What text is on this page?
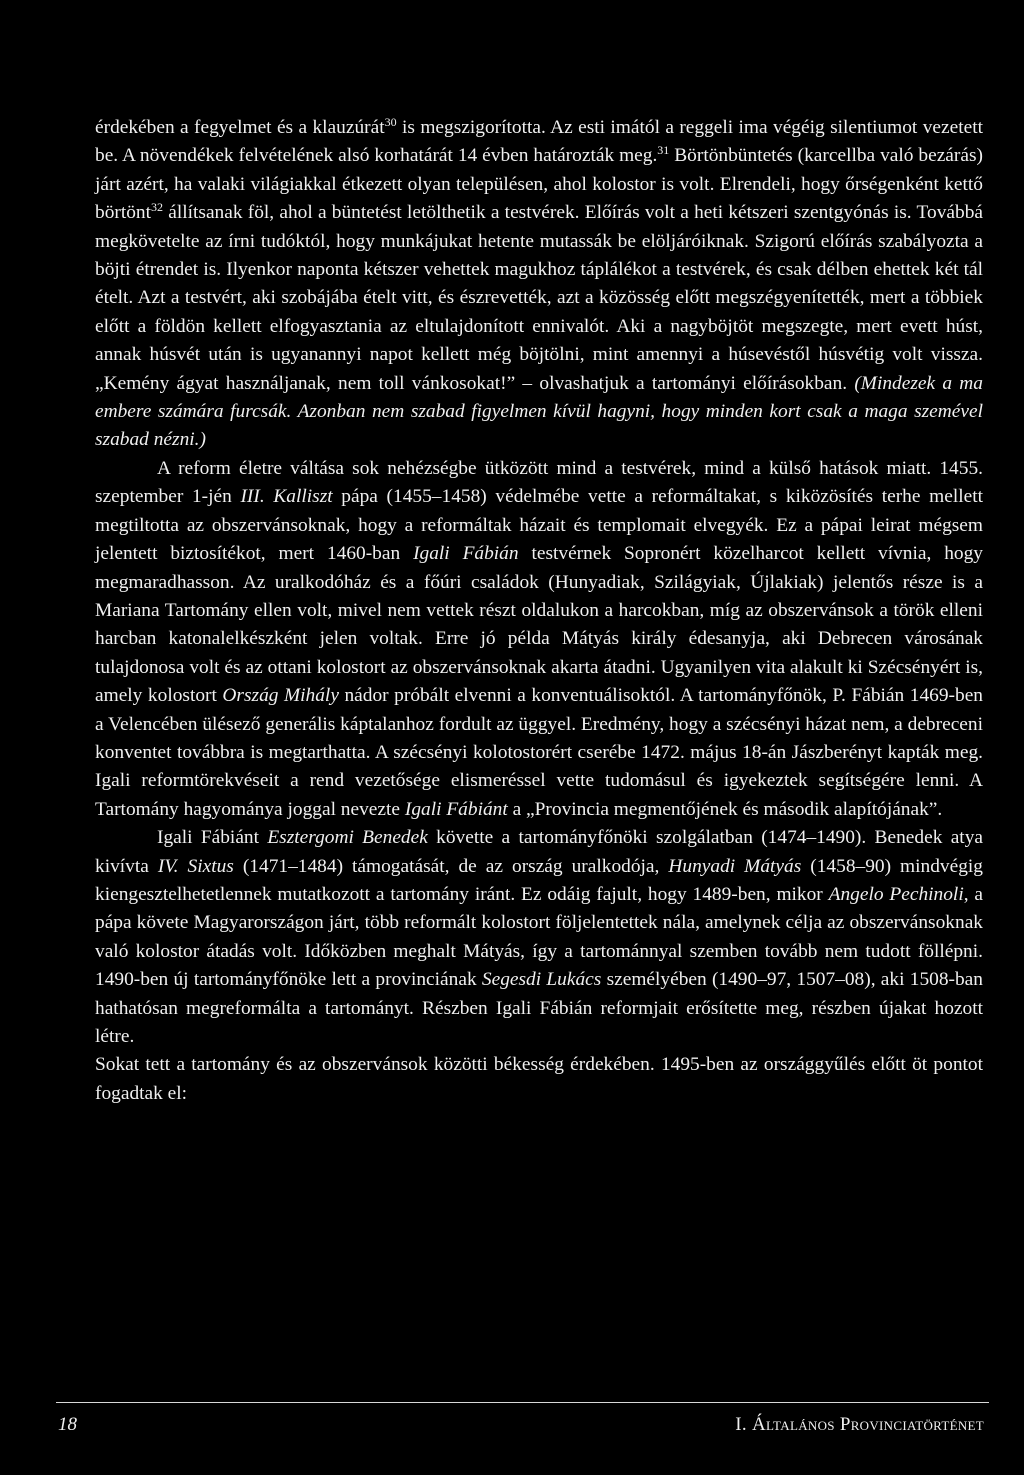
érdekében a fegyelmet és a klauzúrát$^{30}$ is megszigorította. Az esti imától a reggeli ima végéig silentiumot vezetett be. A növendékek felvételének alsó korhatárát 14 évben határozták meg.$^{31}$ Börtönbüntetés (karcellba való bezárás) járt azért, ha valaki világiakkal étkezett olyan településen, ahol kolostor is volt. Elrendeli, hogy őrségenként kettő börtönt$^{32}$ állítsanak föl, ahol a büntetést letölthetik a testvérek. Előírás volt a heti kétszeri szentgyónás is. Továbbá megkövetelte az írni tudóktól, hogy munkájukat hetente mutassák be elöljáróiknak. Szigorú előírás szabályozta a böjti étrendet is. Ilyenkor naponta kétszer vehettek magukhoz táplálékot a testvérek, és csak délben ehettek két tál ételt. Azt a testvért, aki szobájába ételt vitt, és észrevették, azt a közösség előtt megszégyenítették, mert a többiek előtt a földön kellett elfogyasztania az eltulajdonított ennivalót. Aki a nagyböjtöt megszegte, mert evett húst, annak húsvét után is ugyanannyi napot kellett még böjtölni, mint amennyi a húsevéstől húsvétig volt vissza. „Kemény ágyat használjanak, nem toll vánkosokat!” – olvashatjuk a tartományi előírásokban. (Mindezek a ma embere számára furcsák. Azonban nem szabad figyelmen kívül hagyni, hogy minden kort csak a maga szemével szabad nézni.)

A reform életre váltása sok nehézségbe ütközött mind a testvérek, mind a külső hatások miatt. 1455. szeptember 1-jén III. Kalliszt pápa (1455–1458) védelmébe vette a reformáltakat, s kiközösítés terhe mellett megtiltotta az obszervánsoknak, hogy a reformáltak házait és templomait elvegyék. Ez a pápai leirat mégsem jelentett biztosítékot, mert 1460-ban Igali Fábián testvérnek Sopronért közelharcot kellett vívnia, hogy megmaradhasson. Az uralkodóház és a főúri családok (Hunyadiak, Szilágyiak, Újlakiak) jelentős része is a Mariana Tartomány ellen volt, mivel nem vettek részt oldalukon a harcokban, míg az obszervánsok a török elleni harcban katonalelkészként jelen voltak. Erre jó példa Mátyás király édesanyja, aki Debrecen városának tulajdonosa volt és az ottani kolostort az obszervánsoknak akarta átadni. Ugyanilyen vita alakult ki Szécsényért is, amely kolostort Ország Mihály nádor próbált elvenni a konventuálisoktól. A tartományfőnök, P. Fábián 1469-ben a Velencében ülésező generális káptalanhoz fordult az üggyel. Eredmény, hogy a szécsényi házat nem, a debreceni konventet továbbra is megtarthatta. A szécsényi kolotostorért cserébe 1472. május 18-án Jászberényt kapták meg. Igali reformtörekvéseit a rend vezetősége elismeréssel vette tudomásul és igyekeztek segítségére lenni. A Tartomány hagyománya joggal nevezte Igali Fábiánt a „Provincia megmentőjének és második alapítójának”.

Igali Fábiánt Esztergomi Benedek követte a tartományfőnöki szolgálatban (1474–1490). Benedek atya kivívta IV. Sixtus (1471–1484) támogatását, de az ország uralkodója, Hunyadi Mátyás (1458–90) mindvégig kiengesztelhetetlennek mutatkozott a tartomány iránt. Ez odáig fajult, hogy 1489-ben, mikor Angelo Pechinoli, a pápa követe Magyarországon járt, több reformált kolostort följelentettek nála, amelynek célja az obszervánsoknak való kolostor átadás volt. Időközben meghalt Mátyás, így a tartománnyal szemben tovább nem tudott föllépni. 1490-ben új tartományfőnöke lett a provinciának Segesdi Lukács személyében (1490–97, 1507–08), aki 1508-ban hathatósan megreformálta a tartományt. Részben Igali Fábián reformjait erősítette meg, részben újakat hozott létre.

Sokat tett a tartomány és az obszervánsok közötti békesség érdekében. 1495-ben az országgyűlés előtt öt pontot fogadtak el:

18	I. Általános Provinciatörténet
